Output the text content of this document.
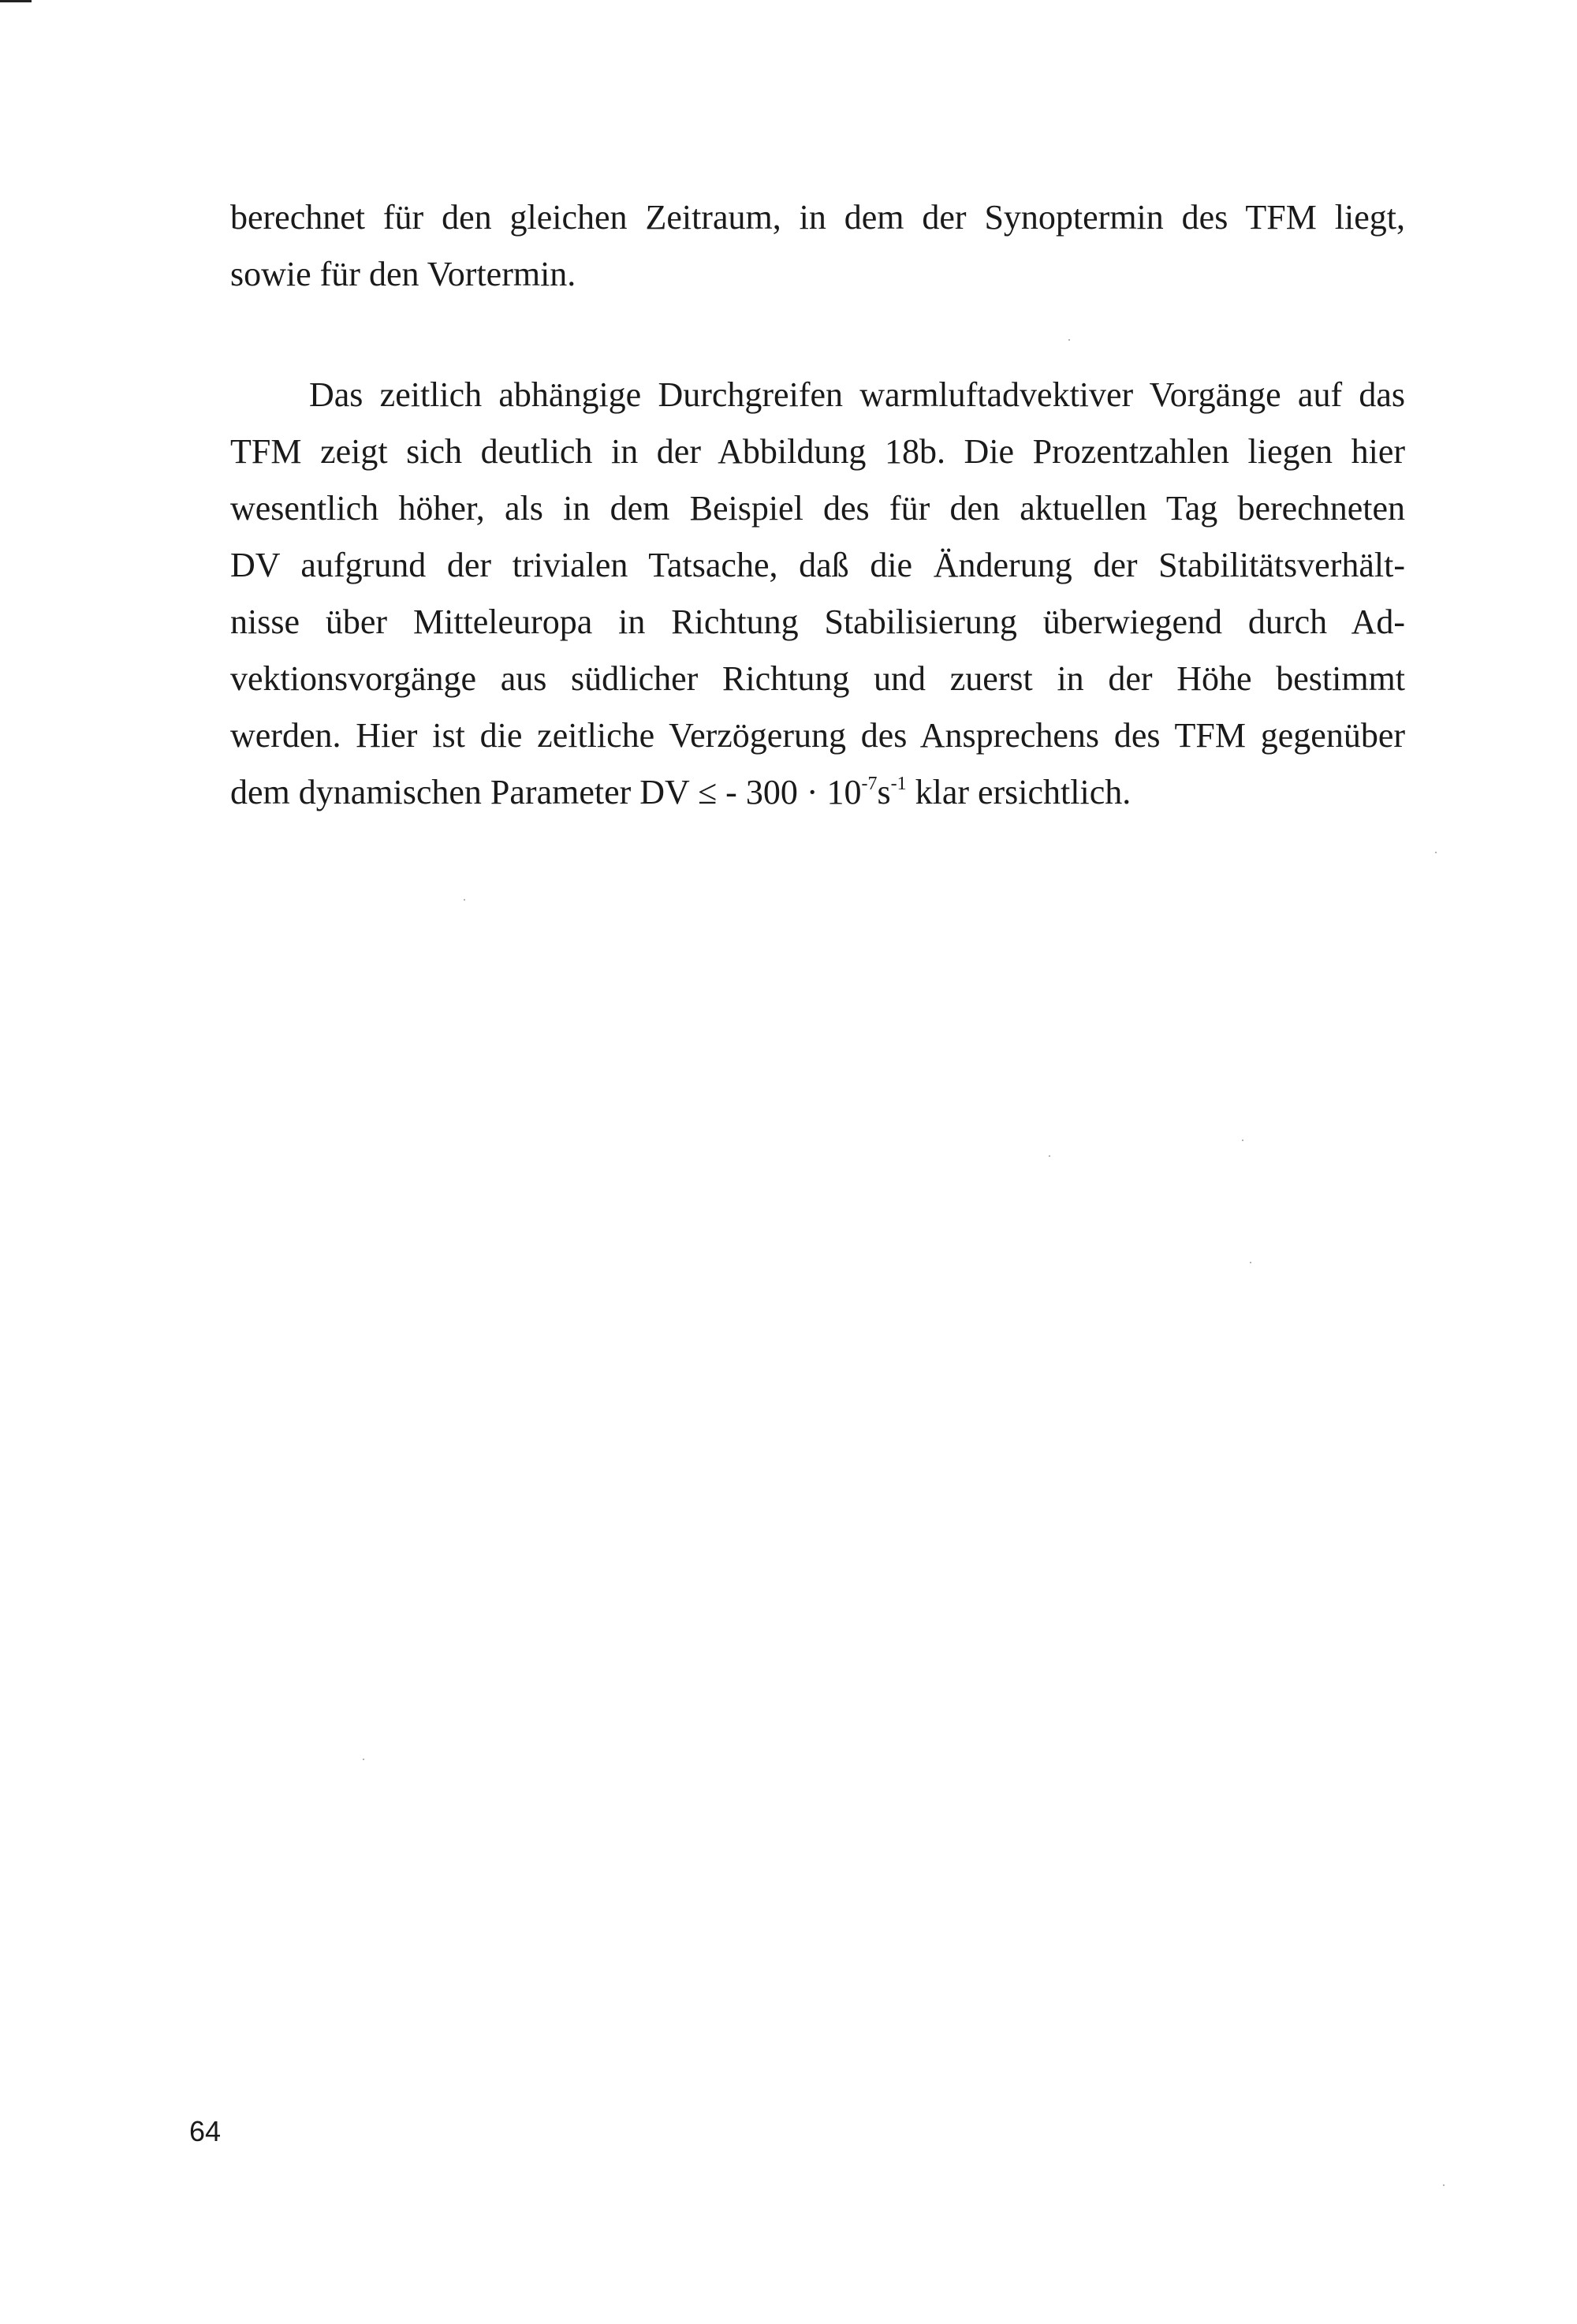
berechnet für den gleichen Zeitraum, in dem der Synoptermin des TFM liegt,
sowie für den Vortermin.
Das zeitlich abhängige Durchgreifen warmluftadvektiver Vorgänge auf das
TFM zeigt sich deutlich in der Abbildung 18b. Die Prozentzahlen liegen hier
wesentlich höher, als in dem Beispiel des für den aktuellen Tag berechneten
DV aufgrund der trivialen Tatsache, daß die Änderung der Stabilitätsverhält-
nisse über Mitteleuropa in Richtung Stabilisierung überwiegend durch Ad-
vektionsvorgänge aus südlicher Richtung und zuerst in der Höhe bestimmt
werden. Hier ist die zeitliche Verzögerung des Ansprechens des TFM gegenüber
dem dynamischen Parameter DV ≤ - $300 \cdot 10^{-7}s^{-1}$ klar ersichtlich.
64
